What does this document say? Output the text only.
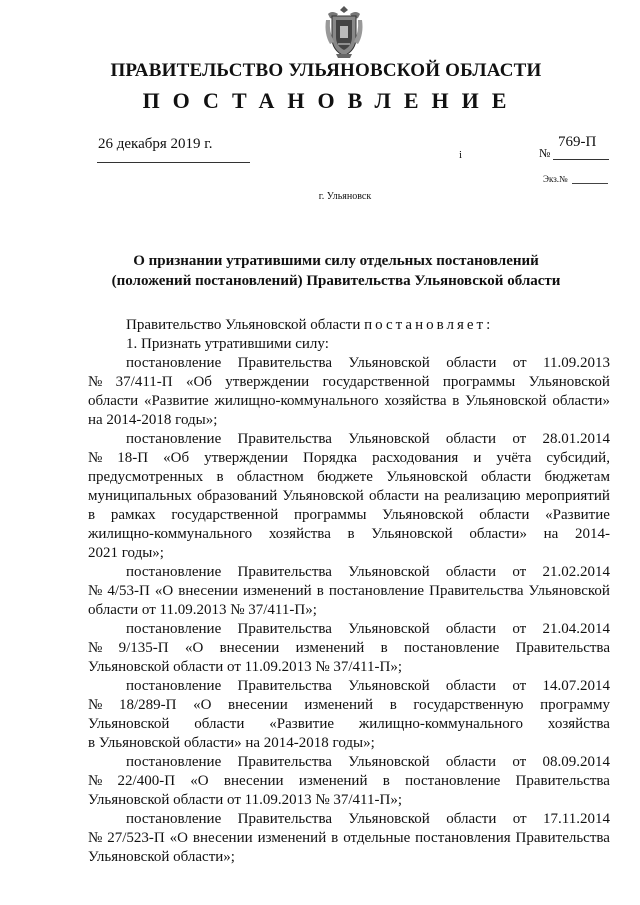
ПРАВИТЕЛЬСТВО УЛЬЯНОВСКОЙ ОБЛАСТИ
ПОСТАНОВЛЕНИЕ
26 декабря 2019 г.
і	№
769-П
Экз.№
г. Ульяновск
О признании утратившими силу отдельных постановлений
(положений постановлений) Правительства Ульяновской области
Правительство Ульяновской области постановляет:
1. Признать утратившими силу:
постановление Правительства Ульяновской области от 11.09.2013
№ 37/411-П «Об утверждении государственной программы Ульяновской
области «Развитие жилищно-коммунального хозяйства в Ульяновской области»
на 2014-2018 годы»;
постановление Правительства Ульяновской области от 28.01.2014
№ 18-П «Об утверждении Порядка расходования и учёта субсидий,
предусмотренных в областном бюджете Ульяновской области бюджетам
муниципальных образований Ульяновской области на реализацию мероприятий
в рамках государственной программы Ульяновской области «Развитие
жилищно-коммунального хозяйства в Ульяновской области» на 2014-
2021 годы»;
постановление Правительства Ульяновской области от 21.02.2014
№ 4/53-П «О внесении изменений в постановление Правительства Ульяновской
области от 11.09.2013 № 37/411-П»;
постановление Правительства Ульяновской области от 21.04.2014
№ 9/135-П «О внесении изменений в постановление Правительства
Ульяновской области от 11.09.2013 № 37/411-П»;
постановление Правительства Ульяновской области от 14.07.2014
№ 18/289-П «О внесении изменений в государственную программу
Ульяновской области «Развитие жилищно-коммунального хозяйства
в Ульяновской области» на 2014-2018 годы»;
постановление Правительства Ульяновской области от 08.09.2014
№ 22/400-П «О внесении изменений в постановление Правительства
Ульяновской области от 11.09.2013 № 37/411-П»;
постановление Правительства Ульяновской области от 17.11.2014
№ 27/523-П «О внесении изменений в отдельные постановления Правительства
Ульяновской области»;
